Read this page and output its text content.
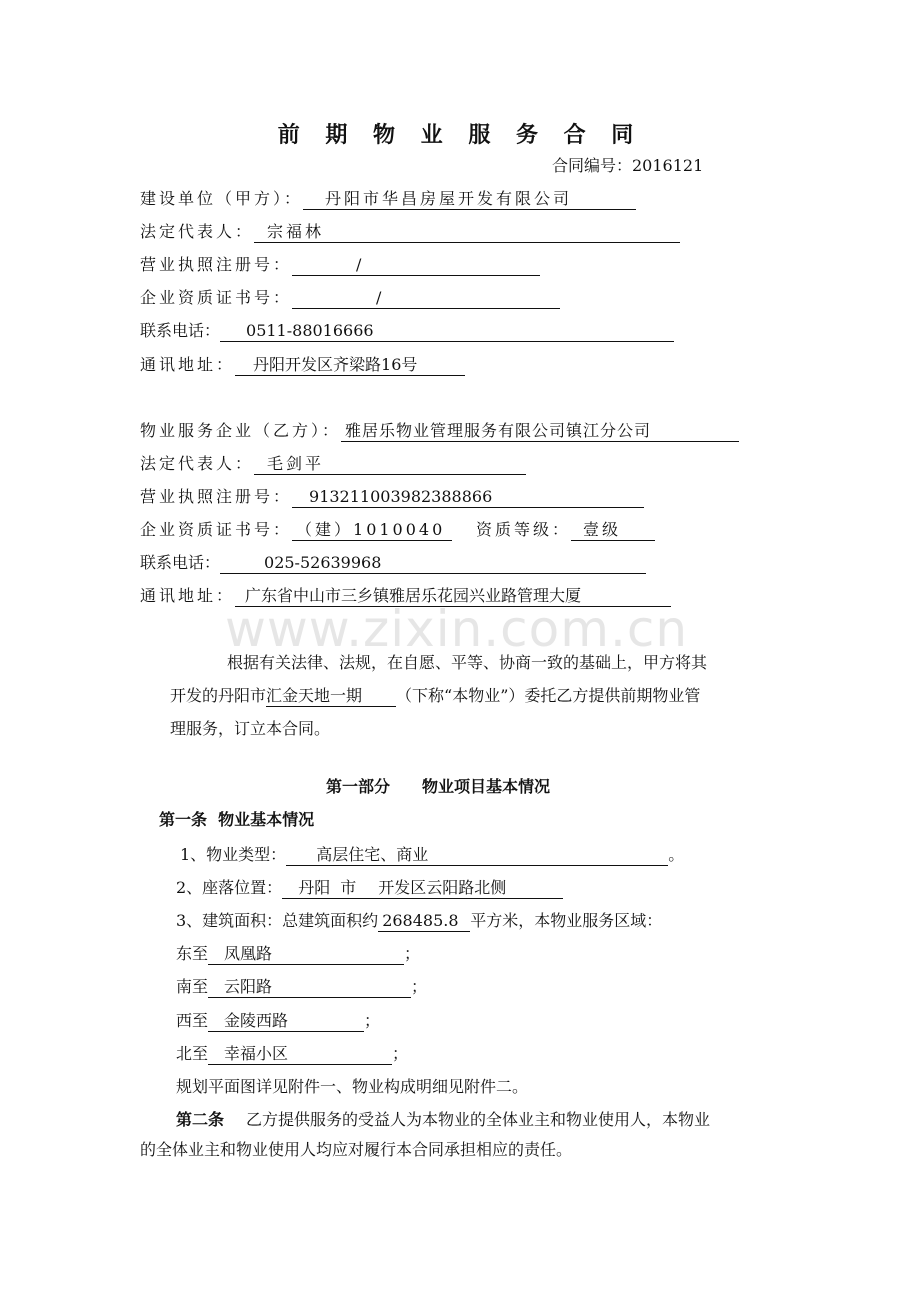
前 期 物 业 服 务 合 同
合同编号：2016121
建设单位（甲方）： 丹阳市华昌房屋开发有限公司
法定代表人： 宗福林
营业执照注册号：	/
企业资质证书号：	/
联系电话： 0511-88016666
通讯地址： 丹阳开发区齐梁路16号
物业服务企业（乙方）： 雅居乐物业管理服务有限公司镇江分公司
法定代表人： 毛剑平
营业执照注册号： 913211003982388866
企业资质证书号： （建）1010040 资质等级： 壹级
联系电话：	025-52639968
通讯地址： 广东省中山市三乡镇雅居乐花园兴业路管理大厦
www.zixin.com.cn
根据有关法律、法规，在自愿、平等、协商一致的基础上，甲方将其
开发的丹阳市汇金天地一期 （下称“本物业”）委托乙方提供前期物业管
理服务，订立本合同。
第一部分　　物业项目基本情况
第一条  物业基本情况
1、物业类型： 高层住宅、商业	。
2、座落位置： 丹阳 市 开发区云阳路北侧
3、建筑面积：总建筑面积约 268485.8 平方米，本物业服务区域：
东至 凤凰路	；
南至 云阳路	；
西至 金陵西路	；
北至 幸福小区	；
规划平面图详见附件一、物业构成明细见附件二。
第二条 乙方提供服务的受益人为本物业的全体业主和物业使用人，本物业
的全体业主和物业使用人均应对履行本合同承担相应的责任。
